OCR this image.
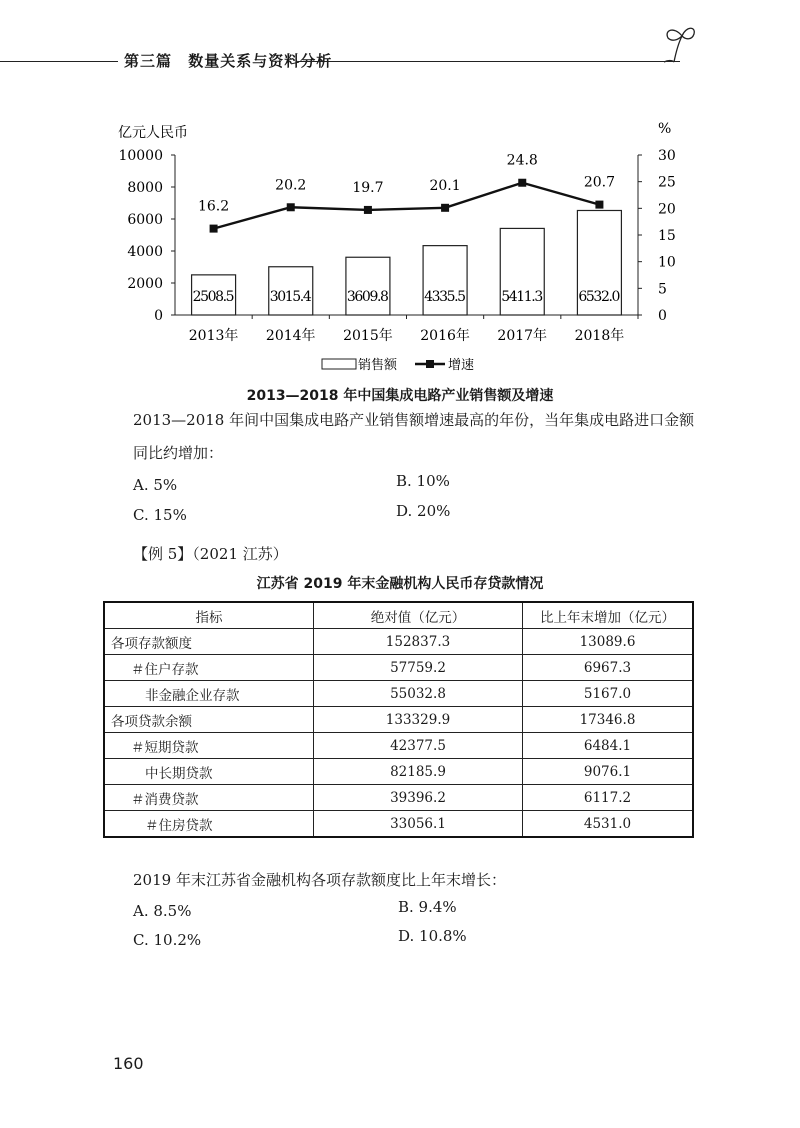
第三篇 数量关系与资料分析
亿元人民币	%
0
2000
4000
6000
8000
10000
0
5
10
15
20
25
30
2013年 2014年 2015年 2016年 2017年 2018年
销售额	增速
2508.5
16.2
3015.4
20.2
3609.8
19.7
4335.5
20.1
5411.3
24.8
6532.0
20.7
2013—2018 年中国集成电路产业销售额及增速
2013—2018 年间中国集成电路产业销售额增速最高的年份，当年集成电路进口金额同比约增加：
A. 5%	B. 10%
C. 15%	D. 20%
【例 5】（2021 江苏）
江苏省 2019 年末金融机构人民币存贷款情况
指标	绝对值（亿元）	比上年末增加（亿元）
各项存款额度	152837.3	13089.6
＃住户存款	57759.2	6967.3
非金融企业存款	55032.8	5167.0
各项贷款余额	133329.9	17346.8
＃短期贷款	42377.5	6484.1
中长期贷款	82185.9	9076.1
＃消费贷款	39396.2	6117.2
＃住房贷款	33056.1	4531.0
2019 年末江苏省金融机构各项存款额度比上年末增长：
A. 8.5%	B. 9.4%
C. 10.2%	D. 10.8%
160
